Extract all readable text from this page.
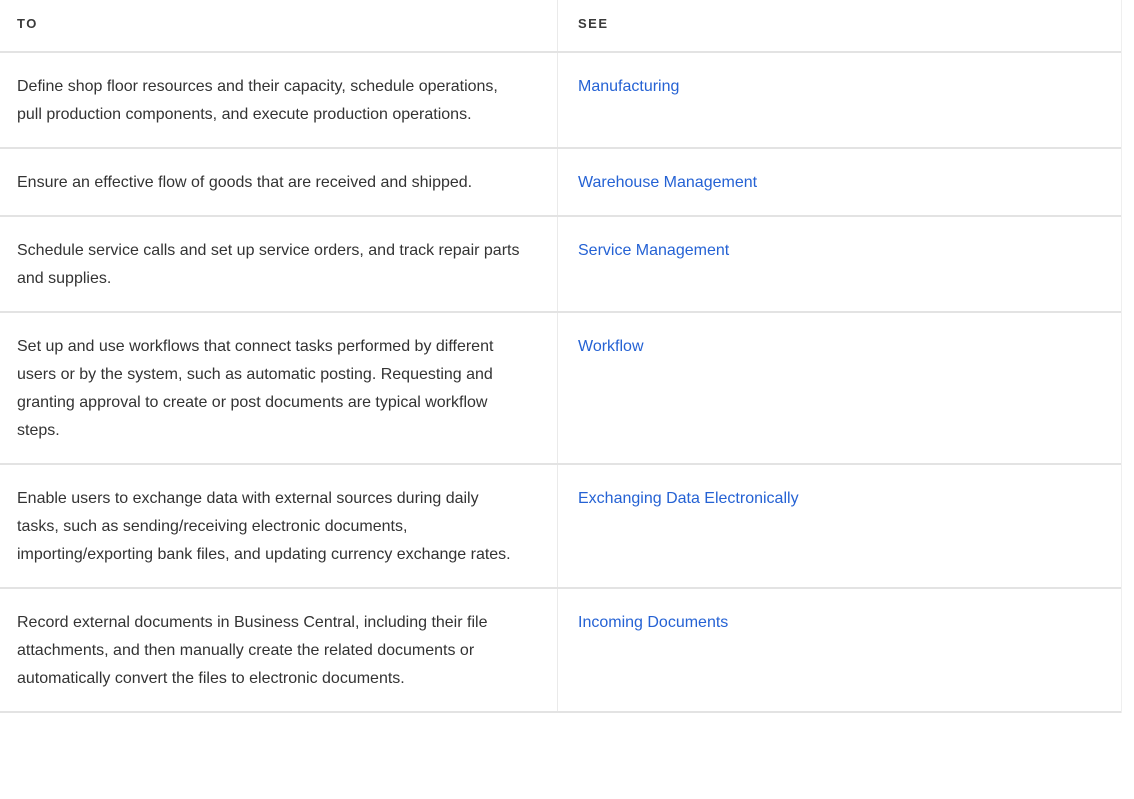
TO	SEE
Define shop floor resources and their capacity, schedule operations, pull production components, and execute production operations.
Manufacturing
Ensure an effective flow of goods that are received and shipped.	Warehouse Management
Schedule service calls and set up service orders, and track repair parts and supplies.
Service Management
Set up and use workflows that connect tasks performed by different users or by the system, such as automatic posting. Requesting and granting approval to create or post documents are typical workflow steps.
Workflow
Enable users to exchange data with external sources during daily tasks, such as sending/receiving electronic documents, importing/exporting bank files, and updating currency exchange rates.
Exchanging Data Electronically
Record external documents in Business Central, including their file attachments, and then manually create the related documents or automatically convert the files to electronic documents.
Incoming Documents
